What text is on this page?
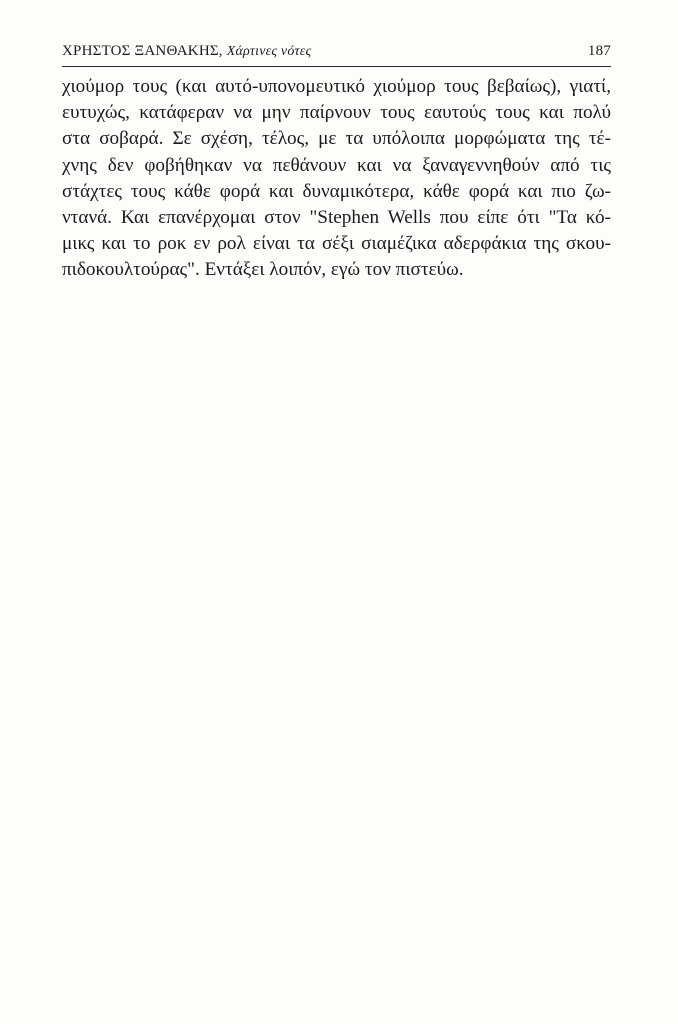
ΧΡΗΣΤΟΣ ΞΑΝΘΑΚΗΣ, Χάρτινες νότες	187
χιούμορ τους (και αυτό-υπονομευτικό χιούμορ τους βεβαίως), γιατί,
ευτυχώς, κατάφεραν να μην παίρνουν τους εαυτούς τους και πολύ
στα σοβαρά. Σε σχέση, τέλος, με τα υπόλοιπα μορφώματα της τέ-
χνης δεν φοβήθηκαν να πεθάνουν και να ξαναγεννηθούν από τις
στάχτες τους κάθε φορά και δυναμικότερα, κάθε φορά και πιο ζω-
ντανά. Και επανέρχομαι στον "Stephen Wells που είπε ότι "Τα κό-
μικς και το ροκ εν ρολ είναι τα σέξι σιαμέζικα αδερφάκια της σκου-
πιδοκουλτούρας". Εντάξει λοιπόν, εγώ τον πιστεύω.
